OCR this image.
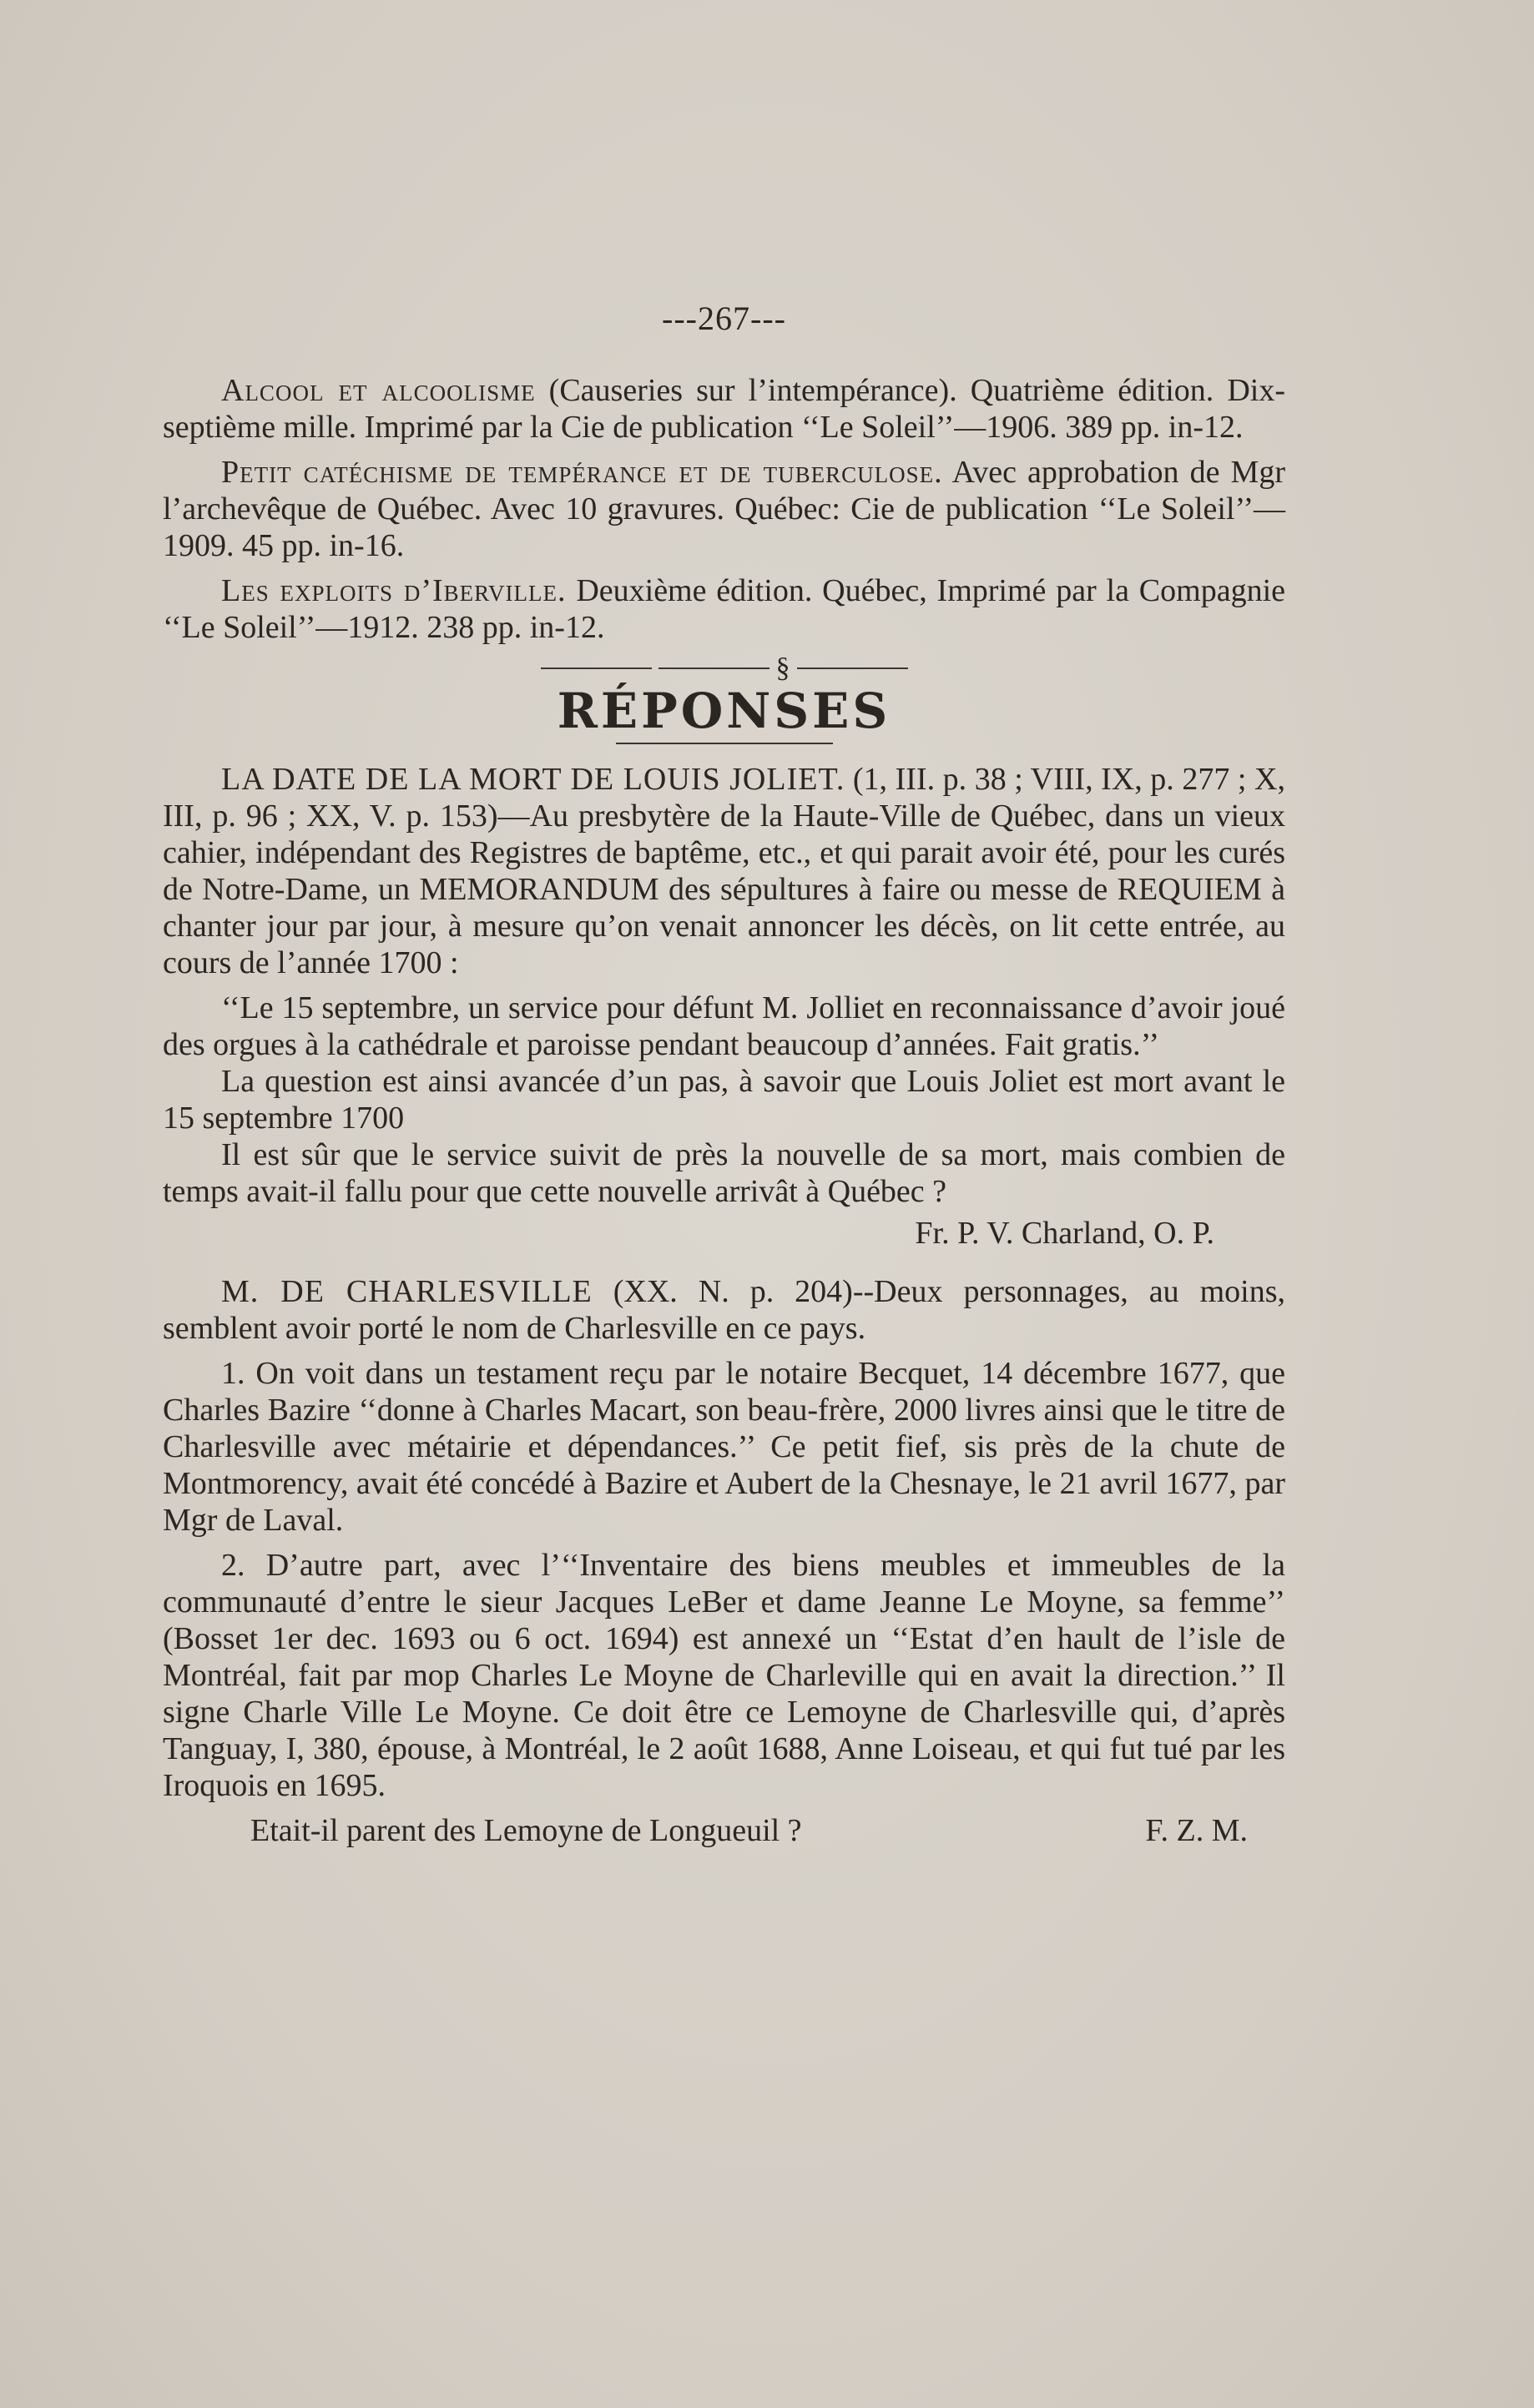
---267---

Alcool et alcoolisme (Causeries sur l’intempérance). Quatrième édition. Dix-septième mille. Imprimé par la Cie de publication ‘‘Le Soleil’’—1906. 389 pp. in-12.

Petit catéchisme de tempérance et de tuberculose. Avec approbation de Mgr l’archevêque de Québec. Avec 10 gravures. Québec: Cie de publication ‘‘Le Soleil’’—1909. 45 pp. in-16.

Les exploits d’Iberville. Deuxième édition. Québec, Imprimé par la Compagnie ‘‘Le Soleil’’—1912. 238 pp. in-12.

§
RÉPONSES

LA DATE DE LA MORT DE LOUIS JOLIET. (1, III. p. 38 ; VIII, IX, p. 277 ; X, III, p. 96 ; XX, V. p. 153)—Au presbytère de la Haute-Ville de Québec, dans un vieux cahier, indépendant des Registres de baptême, etc., et qui parait avoir été, pour les curés de Notre-Dame, un MEMORANDUM des sépultures à faire ou messe de REQUIEM à chanter jour par jour, à mesure qu’on venait annoncer les décès, on lit cette entrée, au cours de l’année 1700 :

‘‘Le 15 septembre, un service pour défunt M. Jolliet en reconnaissance d’avoir joué des orgues à la cathédrale et paroisse pendant beaucoup d’années. Fait gratis.’’

La question est ainsi avancée d’un pas, à savoir que Louis Joliet est mort avant le 15 septembre 1700

Il est sûr que le service suivit de près la nouvelle de sa mort, mais combien de temps avait-il fallu pour que cette nouvelle arrivât à Québec ?

Fr. P. V. Charland, O. P.

M. DE CHARLESVILLE (XX. N. p. 204)--Deux personnages, au moins, semblent avoir porté le nom de Charlesville en ce pays.

1. On voit dans un testament reçu par le notaire Becquet, 14 décembre 1677, que Charles Bazire ‘‘donne à Charles Macart, son beau-frère, 2000 livres ainsi que le titre de Charlesville avec métairie et dépendances.’’ Ce petit fief, sis près de la chute de Montmorency, avait été concédé à Bazire et Aubert de la Chesnaye, le 21 avril 1677, par Mgr de Laval.

2. D’autre part, avec l’‘‘Inventaire des biens meubles et immeubles de la communauté d’entre le sieur Jacques LeBer et dame Jeanne Le Moyne, sa femme’’ (Bosset 1er dec. 1693 ou 6 oct. 1694) est annexé un ‘‘Estat d’en hault de l’isle de Montréal, fait par mop Charles Le Moyne de Charleville qui en avait la direction.’’ Il signe Charle Ville Le Moyne. Ce doit être ce Lemoyne de Charlesville qui, d’après Tanguay, I, 380, épouse, à Montréal, le 2 août 1688, Anne Loiseau, et qui fut tué par les Iroquois en 1695.

Etait-il parent des Lemoyne de Longueuil ?	F. Z. M.
